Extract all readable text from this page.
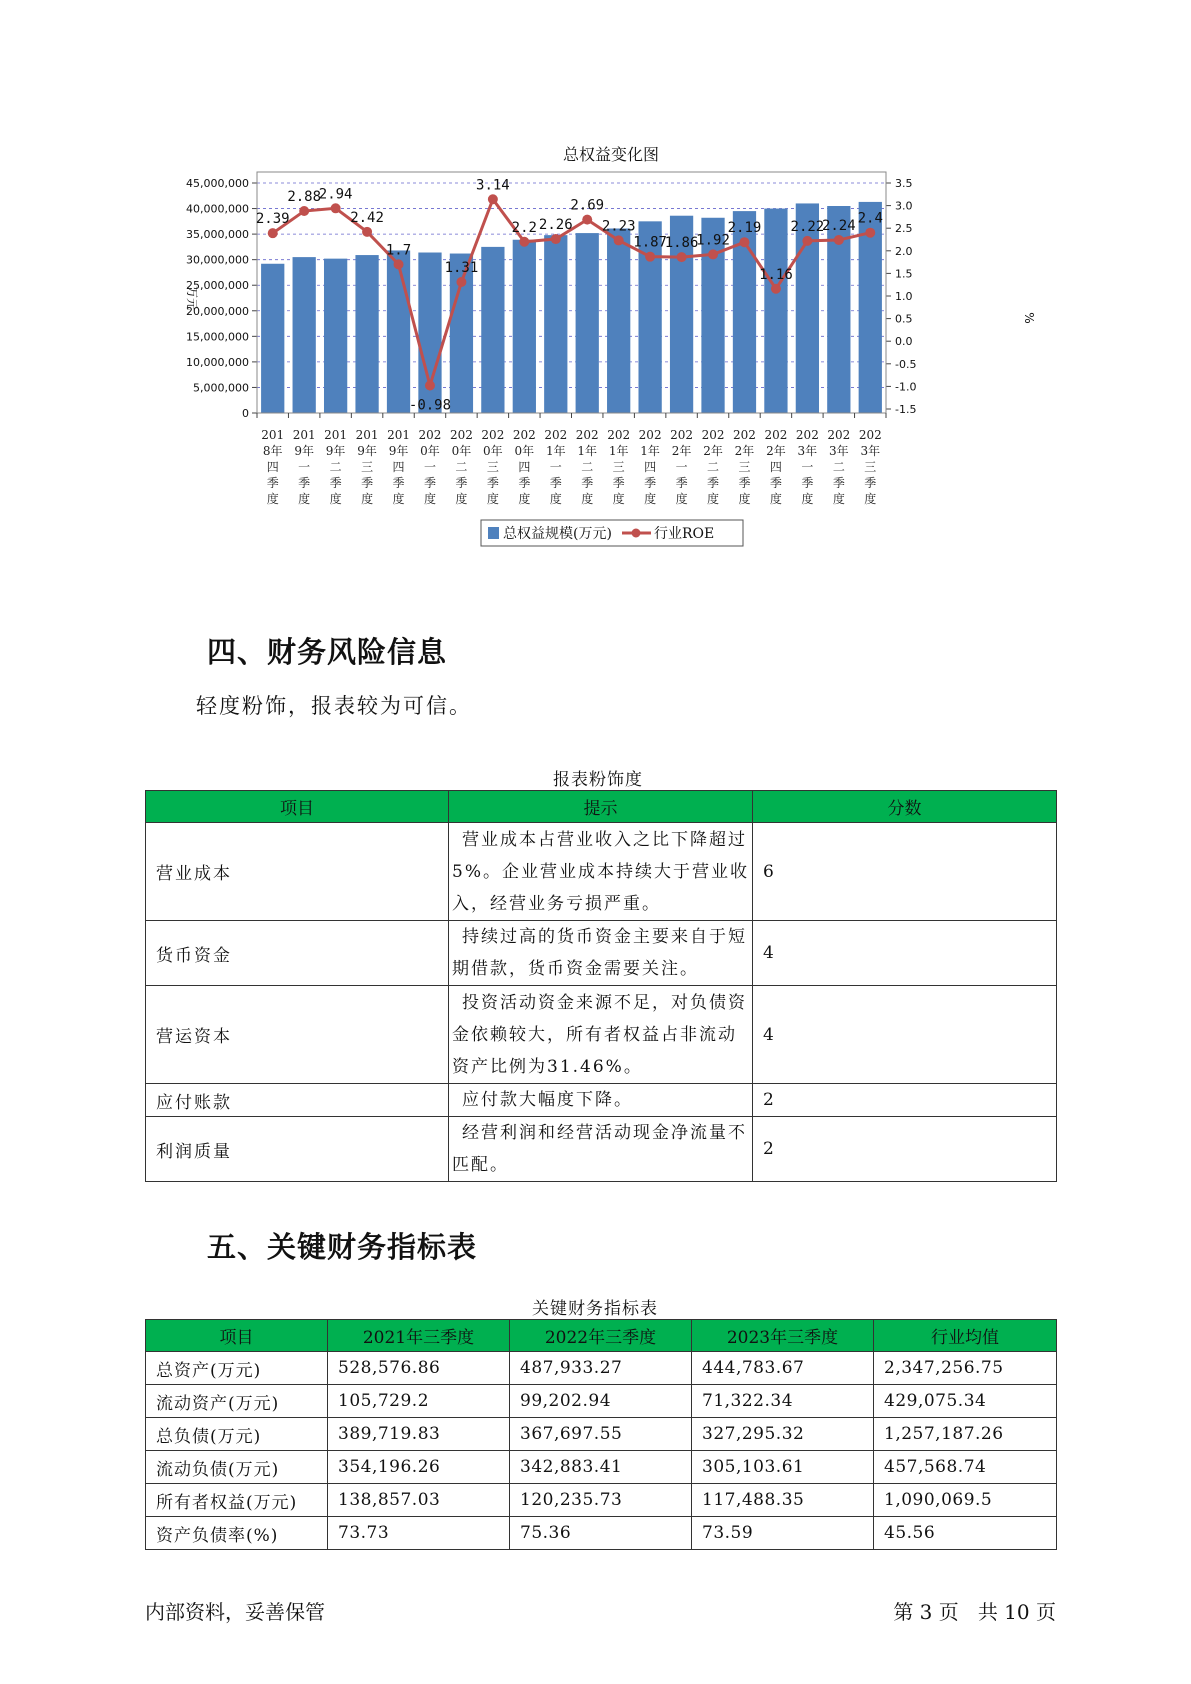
总权益变化图
万元
%
45,000,000
40,000,000
35,000,000
30,000,000
25,000,000
20,000,000
15,000,000
10,000,000
5,000,000
0
3.5
3.0
2.5
2.0
1.5
1.0
0.5
0.0
-0.5
-1.0
-1.5
2.39
2.88
2.94
2.42
1.7
-0.98
1.31
3.14
2.2 2.26
2.69
2.23
1.87
1.86
1.92
2.19
1.16
2.22
2.24 2.4
201
8年
四
季
度
201
9年
一
季
度
201
9年
二
季
度
201
9年
三
季
度
201
9年
四
季
度
202
0年
一
季
度
202
0年
二
季
度
202
0年
三
季
度
202
0年
四
季
度
202
1年
一
季
度
202
1年
二
季
度
202
1年
三
季
度
202
1年
四
季
度
202
2年
一
季
度
202
2年
二
季
度
202
2年
三
季
度
202
2年
四
季
度
202
3年
一
季
度
202
3年
二
季
度
202
3年
三
季
度
总权益规模(万元)	行业ROE
四、财务风险信息
轻度粉饰，报表较为可信。
报表粉饰度
项目	提示	分数
营业成本	营业成本占营业收入之比下降超过5%。企业营业成本持续大于营业收入，经营业务亏损严重。	6
货币资金	持续过高的货币资金主要来自于短期借款，货币资金需要关注。	4
营运资本	投资活动资金来源不足，对负债资金依赖较大，所有者权益占非流动资产比例为31.46%。	4
应付账款	应付款大幅度下降。	2
利润质量	经营利润和经营活动现金净流量不匹配。	2
五、关键财务指标表
关键财务指标表
项目	2021年三季度	2022年三季度	2023年三季度	行业均值
总资产(万元)	528,576.86	487,933.27	444,783.67	2,347,256.75
流动资产(万元)	105,729.2	99,202.94	71,322.34	429,075.34
总负债(万元)	389,719.83	367,697.55	327,295.32	1,257,187.26
流动负债(万元)	354,196.26	342,883.41	305,103.61	457,568.74
所有者权益(万元)	138,857.03	120,235.73	117,488.35	1,090,069.5
资产负债率(%)	73.73	75.36	73.59	45.56
内部资料，妥善保管	第 3 页   共 10 页
